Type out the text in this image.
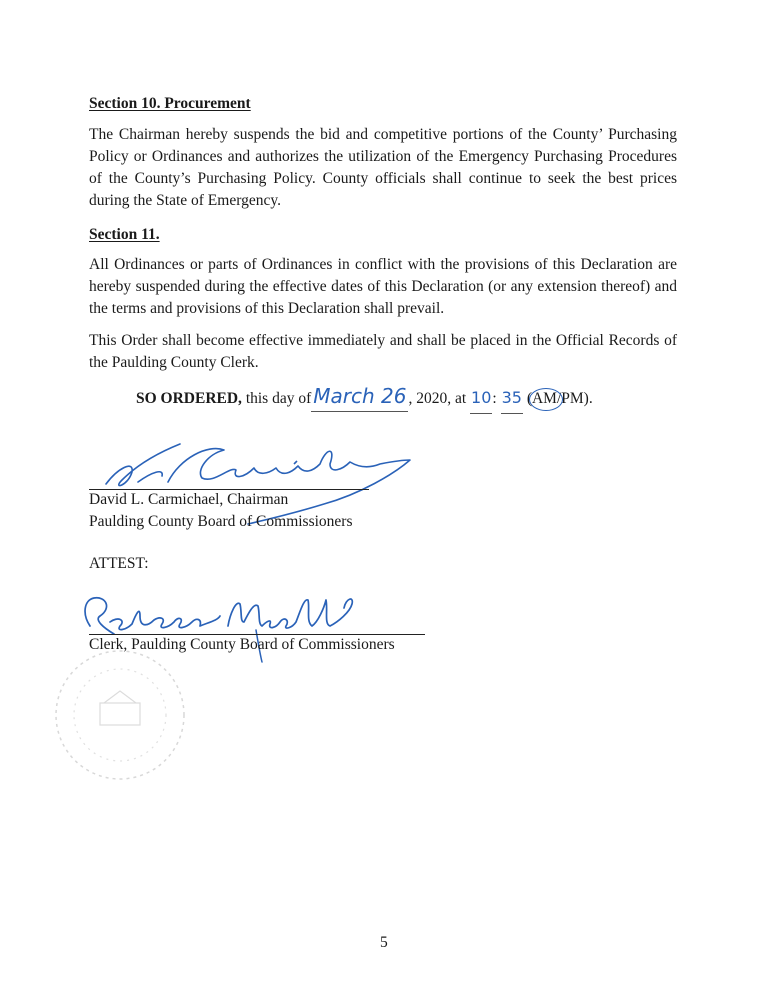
Section 10. Procurement

The Chairman hereby suspends the bid and competitive portions of the County’ Purchasing Policy or Ordinances and authorizes the utilization of the Emergency Purchasing Procedures of the County’s Purchasing Policy. County officials shall continue to seek the best prices during the State of Emergency.

Section 11.

All Ordinances or parts of Ordinances in conflict with the provisions of this Declaration are hereby suspended during the effective dates of this Declaration (or any extension thereof) and the terms and provisions of this Declaration shall prevail.

This Order shall become effective immediately and shall be placed in the Official Records of the Paulding County Clerk.

SO ORDERED, this day of March 26 , 2020, at 10: 35 (
AM/PM).

David L. Carmichael, Chairman

Paulding County Board of Commissioners

ATTEST:

Clerk, Paulding County Board of Commissioners

5
